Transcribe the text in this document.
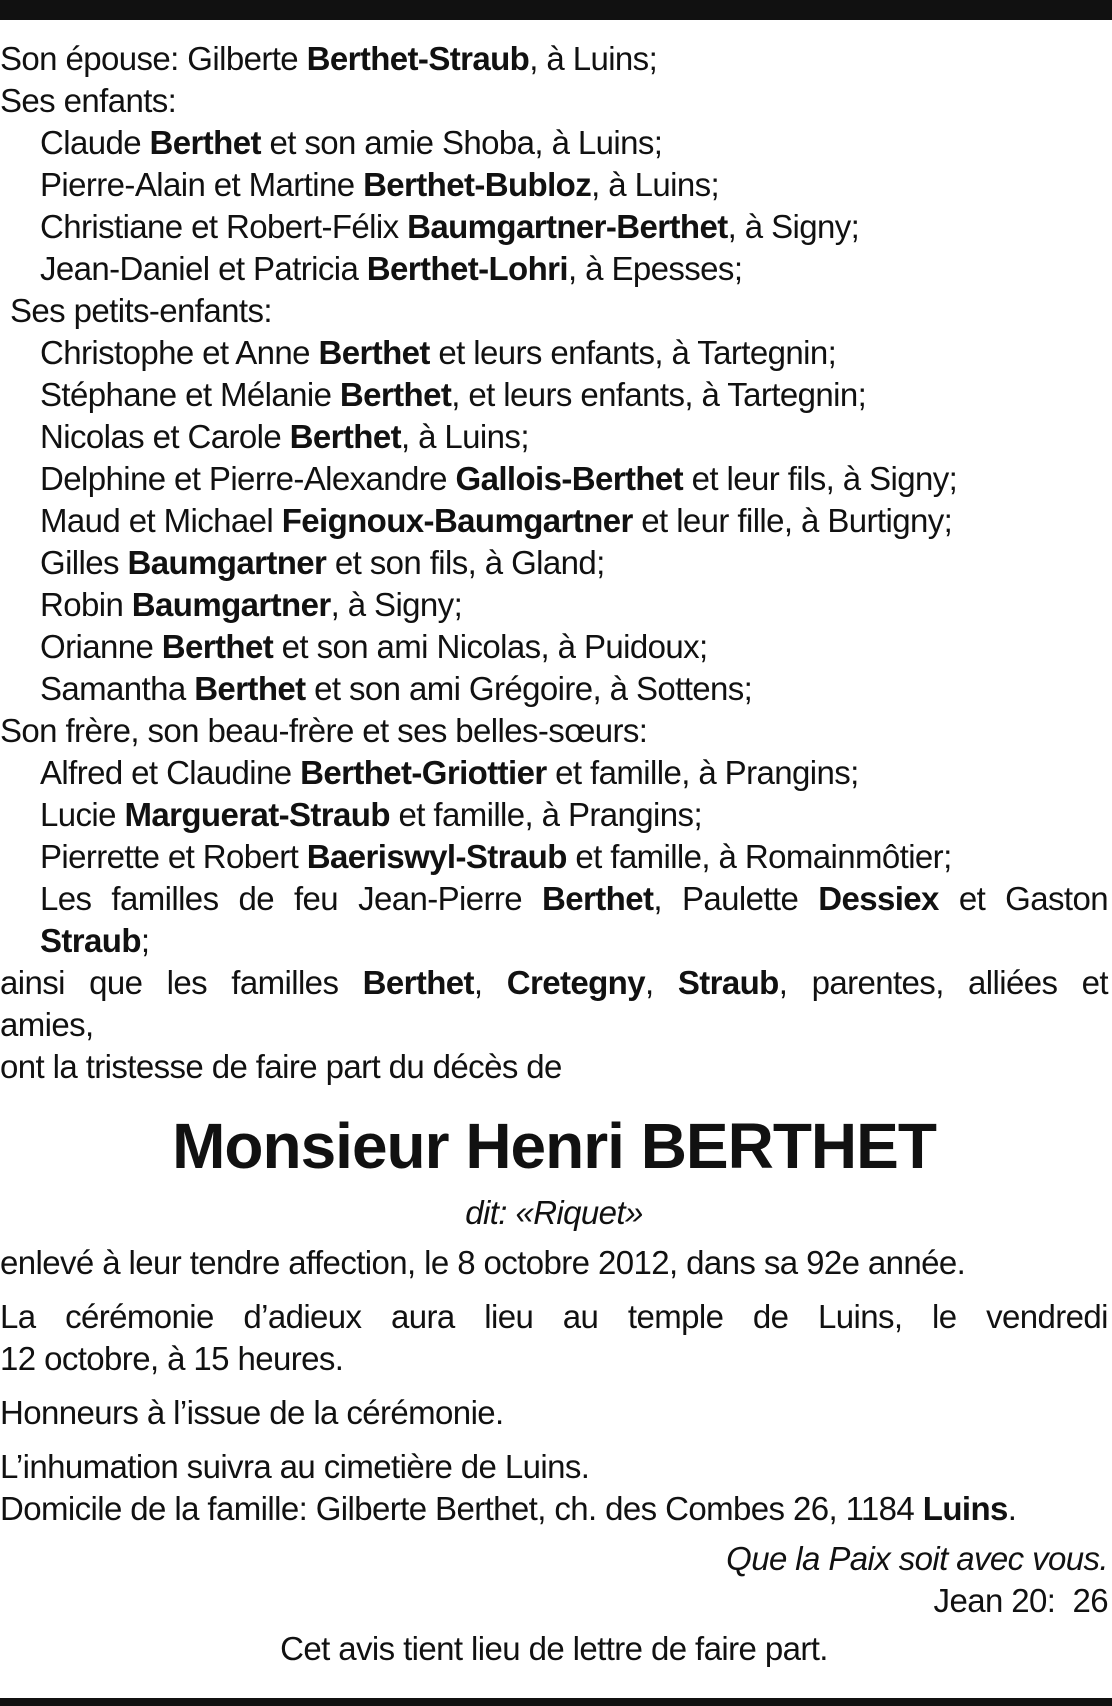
Son épouse: Gilberte Berthet-Straub, à Luins;
Ses enfants:
Claude Berthet et son amie Shoba, à Luins;
Pierre-Alain et Martine Berthet-Bubloz, à Luins;
Christiane et Robert-Félix Baumgartner-Berthet, à Signy;
Jean-Daniel et Patricia Berthet-Lohri, à Epesses;
Ses petits-enfants:
Christophe et Anne Berthet et leurs enfants, à Tartegnin;
Stéphane et Mélanie Berthet, et leurs enfants, à Tartegnin;
Nicolas et Carole Berthet, à Luins;
Delphine et Pierre-Alexandre Gallois-Berthet et leur fils, à Signy;
Maud et Michael Feignoux-Baumgartner et leur fille, à Burtigny;
Gilles Baumgartner et son fils, à Gland;
Robin Baumgartner, à Signy;
Orianne Berthet et son ami Nicolas, à Puidoux;
Samantha Berthet et son ami Grégoire, à Sottens;
Son frère, son beau-frère et ses belles-sœurs:
Alfred et Claudine Berthet-Griottier et famille, à Prangins;
Lucie Marguerat-Straub et famille, à Prangins;
Pierrette et Robert Baeriswyl-Straub et famille, à Romainmôtier;
Les familles de feu Jean-Pierre Berthet, Paulette Dessiex et Gaston
Straub;
ainsi que les familles Berthet, Cretegny, Straub, parentes, alliées et
amies,
ont la tristesse de faire part du décès de
Monsieur Henri BERTHET
dit: «Riquet»
enlevé à leur tendre affection, le 8 octobre 2012, dans sa 92e année.
La cérémonie d’adieux aura lieu au temple de Luins, le vendredi
12 octobre, à 15 heures.
Honneurs à l’issue de la cérémonie.
L’inhumation suivra au cimetière de Luins.
Domicile de la famille: Gilberte Berthet, ch. des Combes 26, 1184 Luins.
Que la Paix soit avec vous.
Jean 20:  26
Cet avis tient lieu de lettre de faire part.
